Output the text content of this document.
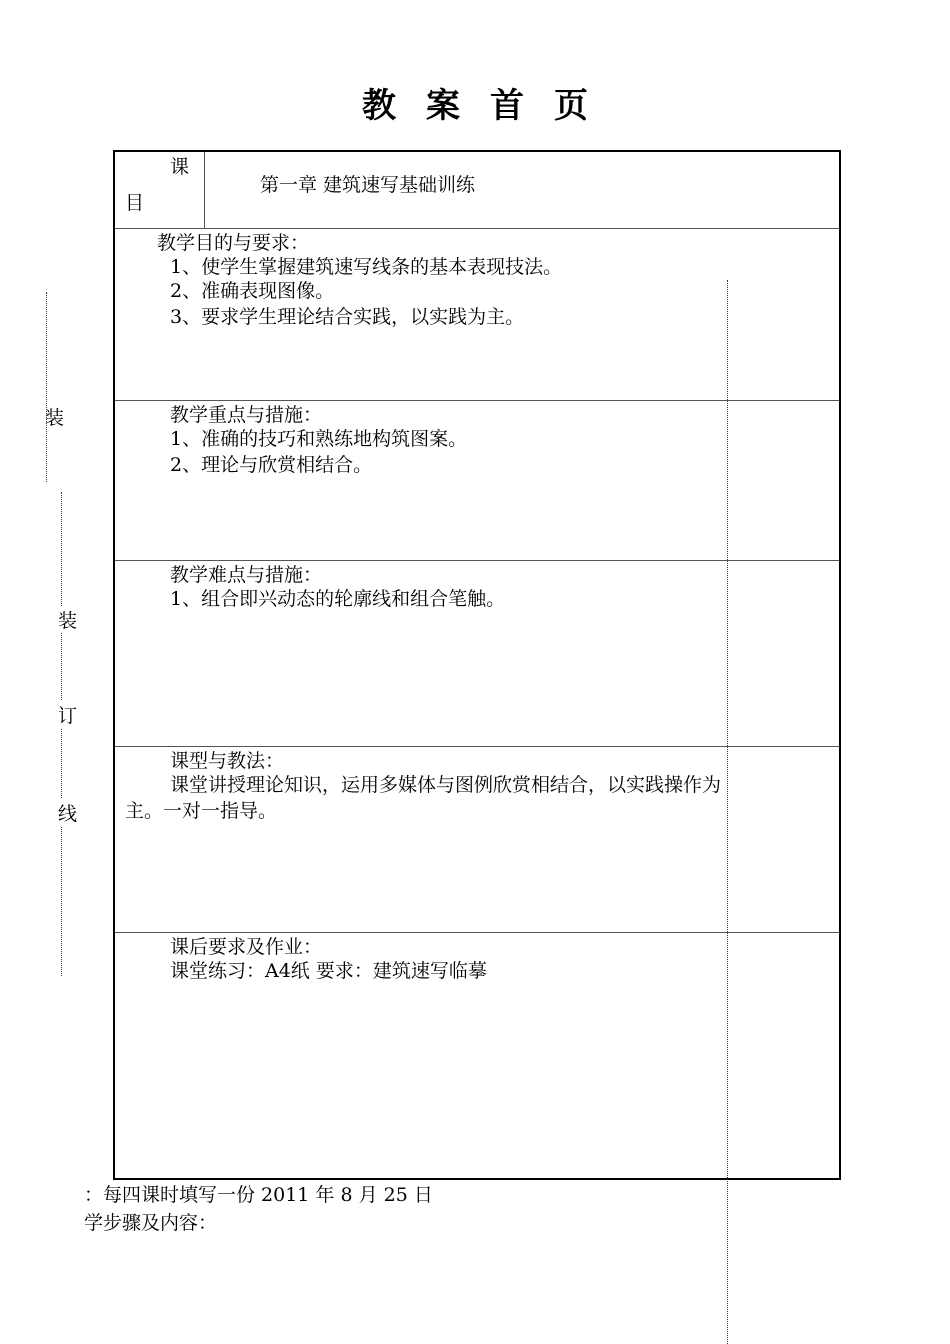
教案首页
课
目
第一章 建筑速写基础训练
教学目的与要求：
1、使学生掌握建筑速写线条的基本表现技法。
2、准确表现图像。
3、要求学生理论结合实践，以实践为主。
教学重点与措施：
1、准确的技巧和熟练地构筑图案。
2、理论与欣赏相结合。
教学难点与措施：
1、组合即兴动态的轮廓线和组合笔触。
课型与教法：
课堂讲授理论知识，运用多媒体与图例欣赏相结合，以实践操作为
主。一对一指导。
课后要求及作业：
课堂练习：A4纸 要求：建筑速写临摹
装
装
订
线
：每四课时填写一份 2011 年 8 月 25 日
学步骤及内容：
